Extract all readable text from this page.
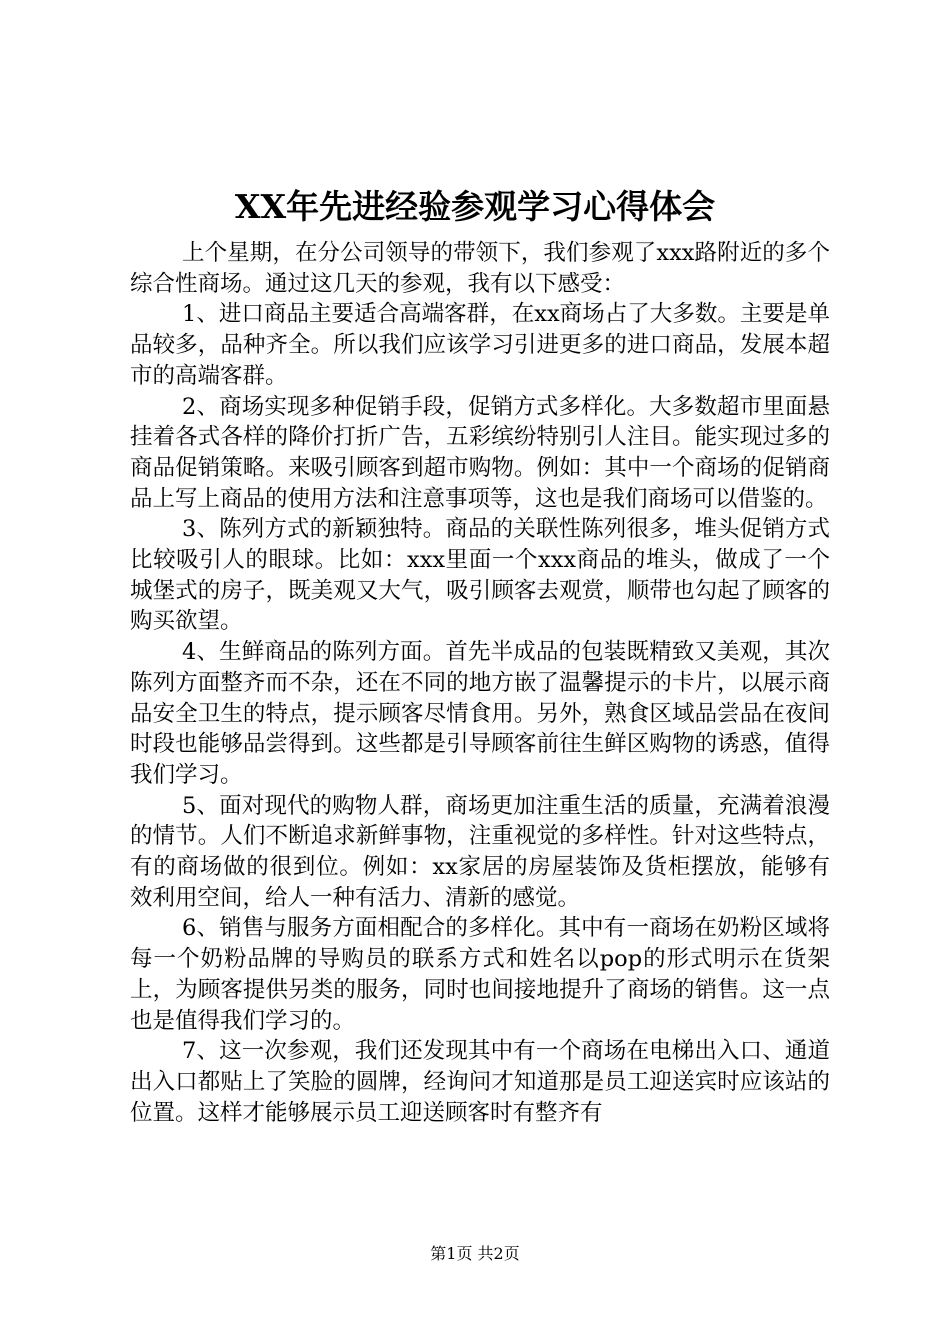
XX年先进经验参观学习心得体会

上个星期，在分公司领导的带领下，我们参观了xxx路附近的多个综合性商场。通过这几天的参观，我有以下感受：

1、进口商品主要适合高端客群，在xx商场占了大多数。主要是单品较多，品种齐全。所以我们应该学习引进更多的进口商品，发展本超市的高端客群。

2、商场实现多种促销手段，促销方式多样化。大多数超市里面悬挂着各式各样的降价打折广告，五彩缤纷特别引人注目。能实现过多的商品促销策略。来吸引顾客到超市购物。例如：其中一个商场的促销商品上写上商品的使用方法和注意事项等，这也是我们商场可以借鉴的。

3、陈列方式的新颖独特。商品的关联性陈列很多，堆头促销方式比较吸引人的眼球。比如：xxx里面一个xxx商品的堆头，做成了一个城堡式的房子，既美观又大气，吸引顾客去观赏，顺带也勾起了顾客的购买欲望。

4、生鲜商品的陈列方面。首先半成品的包装既精致又美观，其次陈列方面整齐而不杂，还在不同的地方嵌了温馨提示的卡片，以展示商品安全卫生的特点，提示顾客尽情食用。另外，熟食区域品尝品在夜间时段也能够品尝得到。这些都是引导顾客前往生鲜区购物的诱惑，值得我们学习。

5、面对现代的购物人群，商场更加注重生活的质量，充满着浪漫的情节。人们不断追求新鲜事物，注重视觉的多样性。针对这些特点，有的商场做的很到位。例如：xx家居的房屋装饰及货柜摆放，能够有效利用空间，给人一种有活力、清新的感觉。

6、销售与服务方面相配合的多样化。其中有一商场在奶粉区域将每一个奶粉品牌的导购员的联系方式和姓名以pop的形式明示在货架上，为顾客提供另类的服务，同时也间接地提升了商场的销售。这一点也是值得我们学习的。

7、这一次参观，我们还发现其中有一个商场在电梯出入口、通道出入口都贴上了笑脸的圆牌，经询问才知道那是员工迎送宾时应该站的位置。这样才能够展示员工迎送顾客时有整齐有

第1页 共2页
